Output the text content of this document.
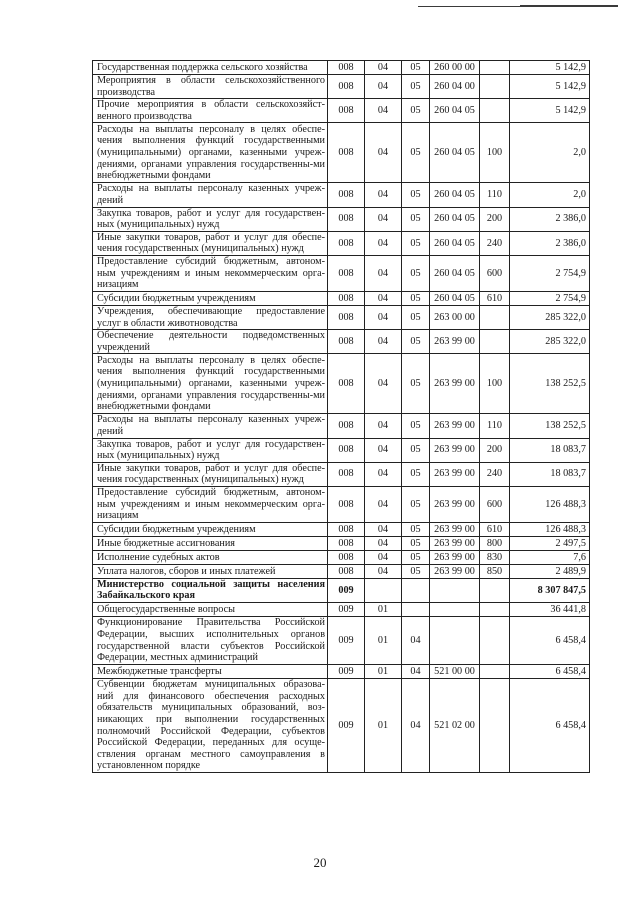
Государственная поддержка сельского хозяйства	008	04	05	260 00 00		5 142,9
Мероприятия в области сельскохозяйственного производства	008	04	05	260 04 00		5 142,9
Прочие мероприятия в области сельскохозяйст-венного производства	008	04	05	260 04 05		5 142,9
Расходы на выплаты персоналу в целях обеспе-чения выполнения функций государственными (муниципальными) органами, казенными учреж-дениями, органами управления государственны-ми внебюджетными фондами	008	04	05	260 04 05	100	2,0
Расходы на выплаты персоналу казенных учреж-дений	008	04	05	260 04 05	110	2,0
Закупка товаров, работ и услуг для государствен-ных (муниципальных) нужд	008	04	05	260 04 05	200	2 386,0
Иные закупки товаров, работ и услуг для обеспе-чения государственных (муниципальных) нужд	008	04	05	260 04 05	240	2 386,0
Предоставление субсидий бюджетным, автоном-ным учреждениям и иным некоммерческим орга-низациям	008	04	05	260 04 05	600	2 754,9
Субсидии бюджетным учреждениям	008	04	05	260 04 05	610	2 754,9
Учреждения, обеспечивающие предоставление услуг в области животноводства	008	04	05	263 00 00		285 322,0
Обеспечение деятельности подведомственных учреждений	008	04	05	263 99 00		285 322,0
Расходы на выплаты персоналу в целях обеспе-чения выполнения функций государственными (муниципальными) органами, казенными учреж-дениями, органами управления государственны-ми внебюджетными фондами	008	04	05	263 99 00	100	138 252,5
Расходы на выплаты персоналу казенных учреж-дений	008	04	05	263 99 00	110	138 252,5
Закупка товаров, работ и услуг для государствен-ных (муниципальных) нужд	008	04	05	263 99 00	200	18 083,7
Иные закупки товаров, работ и услуг для обеспе-чения государственных (муниципальных) нужд	008	04	05	263 99 00	240	18 083,7
Предоставление субсидий бюджетным, автоном-ным учреждениям и иным некоммерческим орга-низациям	008	04	05	263 99 00	600	126 488,3
Субсидии бюджетным учреждениям	008	04	05	263 99 00	610	126 488,3
Иные бюджетные ассигнования	008	04	05	263 99 00	800	2 497,5
Исполнение судебных актов	008	04	05	263 99 00	830	7,6
Уплата налогов, сборов и иных платежей	008	04	05	263 99 00	850	2 489,9
Министерство социальной защиты населения Забайкальского края	009					8 307 847,5
Общегосударственные вопросы	009	01				36 441,8
Функционирование Правительства Российской Федерации, высших исполнительных органов государственной власти субъектов Российской Федерации, местных администраций	009	01	04			6 458,4
Межбюджетные трансферты	009	01	04	521 00 00		6 458,4
Субвенции бюджетам муниципальных образова-ний для финансового обеспечения расходных обязательств муниципальных образований, воз-никающих при выполнении государственных полномочий Российской Федерации, субъектов Российской Федерации, переданных для осуще-ствления органам местного самоуправления в установленном порядке	009	01	04	521 02 00		6 458,4
20
